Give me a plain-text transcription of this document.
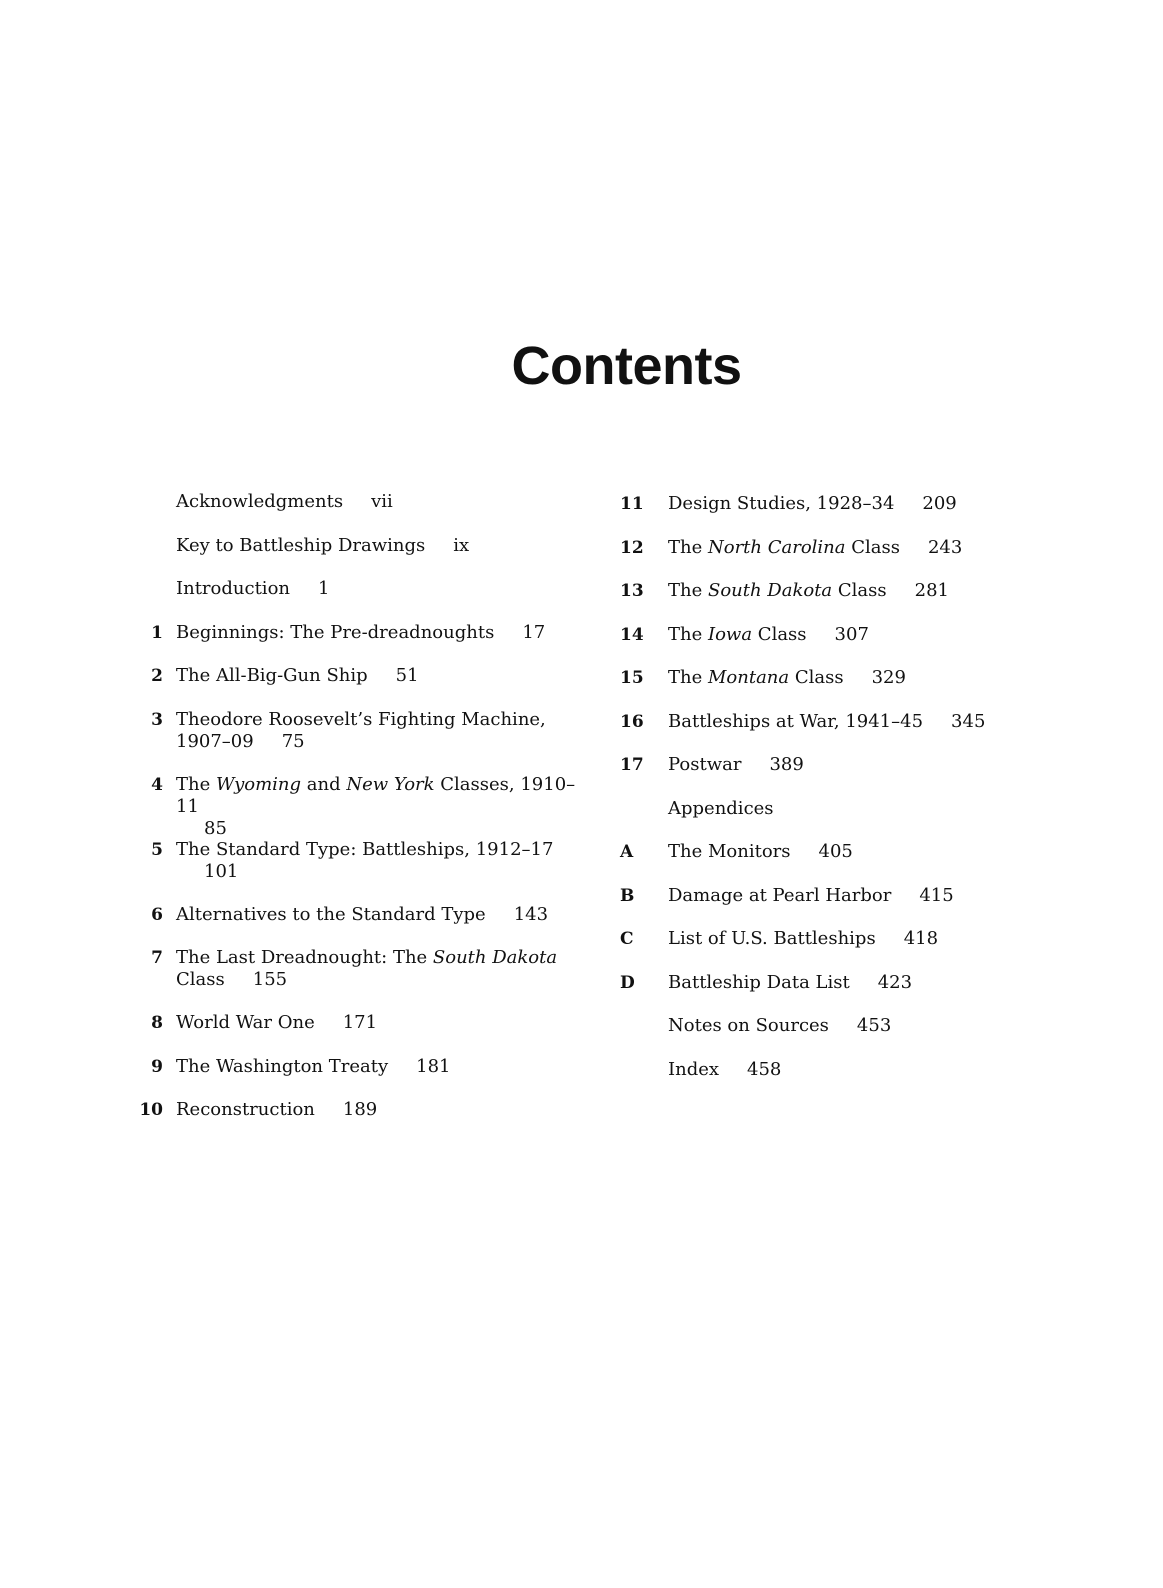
Contents
Acknowledgments vii
Key to Battleship Drawings ix
Introduction 1
1 Beginnings: The Pre-dreadnoughts 17
2 The All-Big-Gun Ship 51
3 Theodore Roosevelt’s Fighting Machine,
1907–09 75
4 The Wyoming and New York Classes, 1910–11
85
5 The Standard Type: Battleships, 1912–17
101
6 Alternatives to the Standard Type 143
7 The Last Dreadnought: The South Dakota
Class 155
8 World War One 171
9 The Washington Treaty 181
10 Reconstruction 189
11	Design Studies, 1928–34 209
12	The North Carolina Class 243
13	The South Dakota Class 281
14	The Iowa Class 307
15	The Montana Class 329
16	Battleships at War, 1941–45 345
17	Postwar 389
Appendices
A	The Monitors 405
B	Damage at Pearl Harbor 415
C	List of U.S. Battleships 418
D	Battleship Data List 423
Notes on Sources 453
Index 458
